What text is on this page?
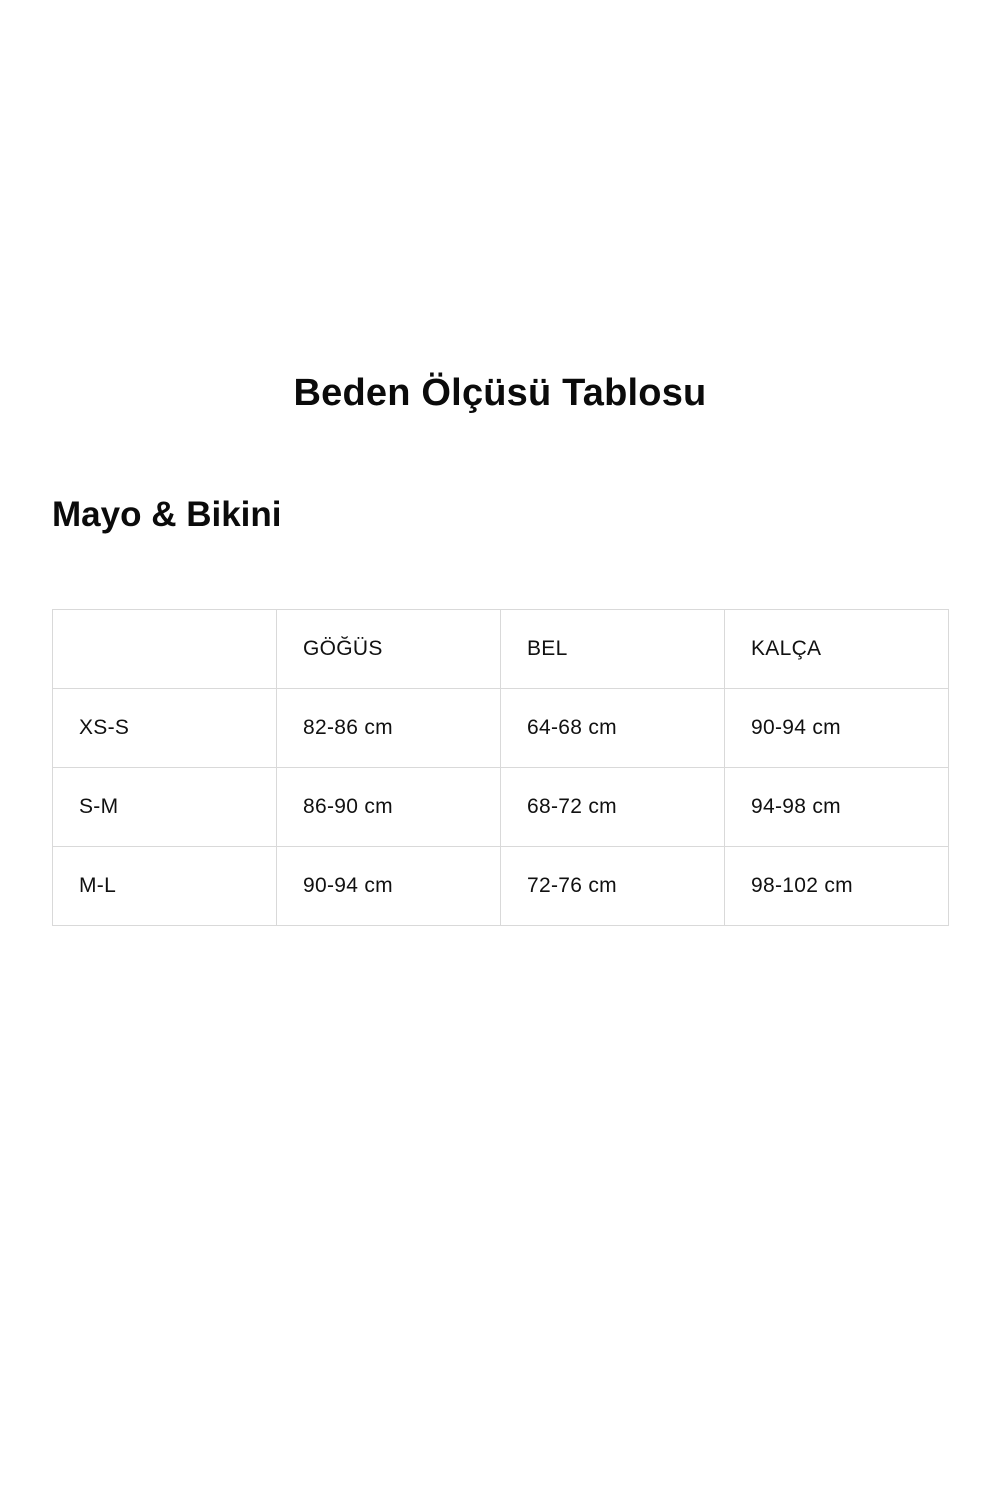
Beden Ölçüsü Tablosu
Mayo & Bikini
	GÖĞÜS	BEL	KALÇA
XS-S	82-86 cm	64-68 cm	90-94 cm
S-M	86-90 cm	68-72 cm	94-98 cm
M-L	90-94 cm	72-76 cm	98-102 cm
